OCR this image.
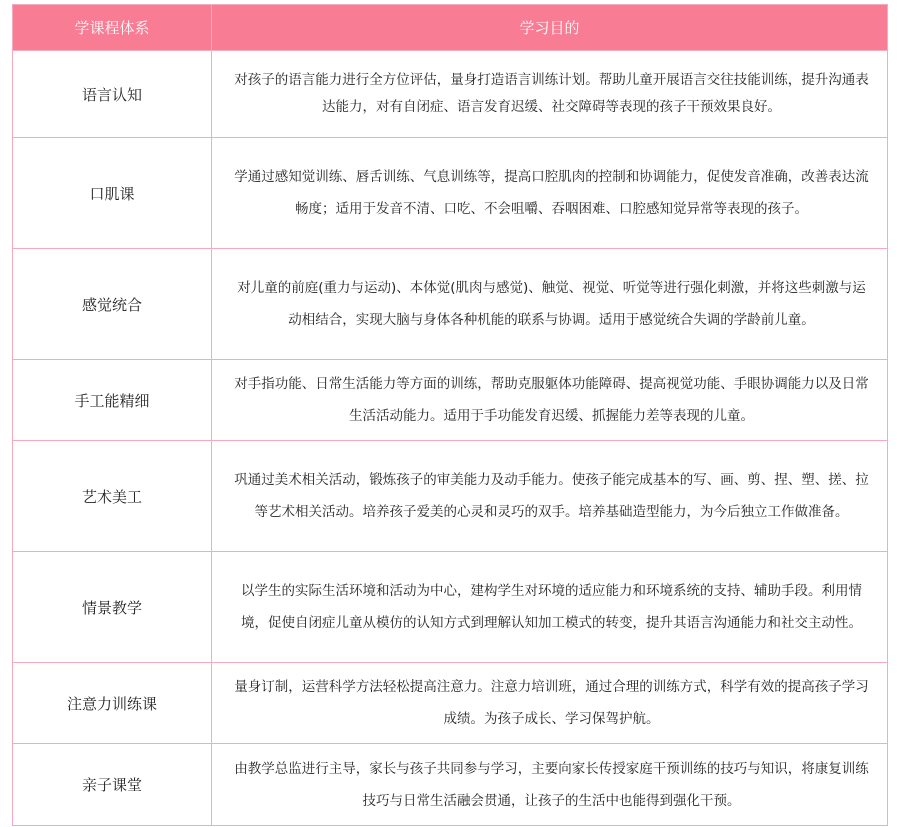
学课程体系	学习目的
语言认知	对孩子的语言能力进行全方位评估，量身打造语言训练计划。帮助儿童开展语言交往技能训练，提升沟通表达能力，对有自闭症、语言发育迟缓、社交障碍等表现的孩子干预效果良好。
口肌课	学通过感知觉训练、唇舌训练、气息训练等，提高口腔肌肉的控制和协调能力，促使发音准确，改善表达流畅度；适用于发音不清、口吃、不会咀嚼、吞咽困难、口腔感知觉异常等表现的孩子。
感觉统合	对儿童的前庭(重力与运动)、本体觉(肌肉与感觉)、触觉、视觉、听觉等进行强化刺激，并将这些刺激与运动相结合，实现大脑与身体各种机能的联系与协调。适用于感觉统合失调的学龄前儿童。
手工能精细	对手指功能、日常生活能力等方面的训练，帮助克服躯体功能障碍、提高视觉功能、手眼协调能力以及日常生活活动能力。适用于手功能发育迟缓、抓握能力差等表现的儿童。
艺术美工	巩通过美术相关活动，锻炼孩子的审美能力及动手能力。使孩子能完成基本的写、画、剪、捏、塑、搓、拉等艺术相关活动。培养孩子爱美的心灵和灵巧的双手。培养基础造型能力，为今后独立工作做准备。
情景教学	以学生的实际生活环境和活动为中心，建构学生对环境的适应能力和环境系统的支持、辅助手段。利用情境，促使自闭症儿童从模仿的认知方式到理解认知加工模式的转变，提升其语言沟通能力和社交主动性。
注意力训练课	量身订制，运营科学方法轻松提高注意力。注意力培训班，通过合理的训练方式，科学有效的提高孩子学习成绩。为孩子成长、学习保驾护航。
亲子课堂	由教学总监进行主导，家长与孩子共同参与学习，主要向家长传授家庭干预训练的技巧与知识，将康复训练技巧与日常生活融会贯通，让孩子的生活中也能得到强化干预。
